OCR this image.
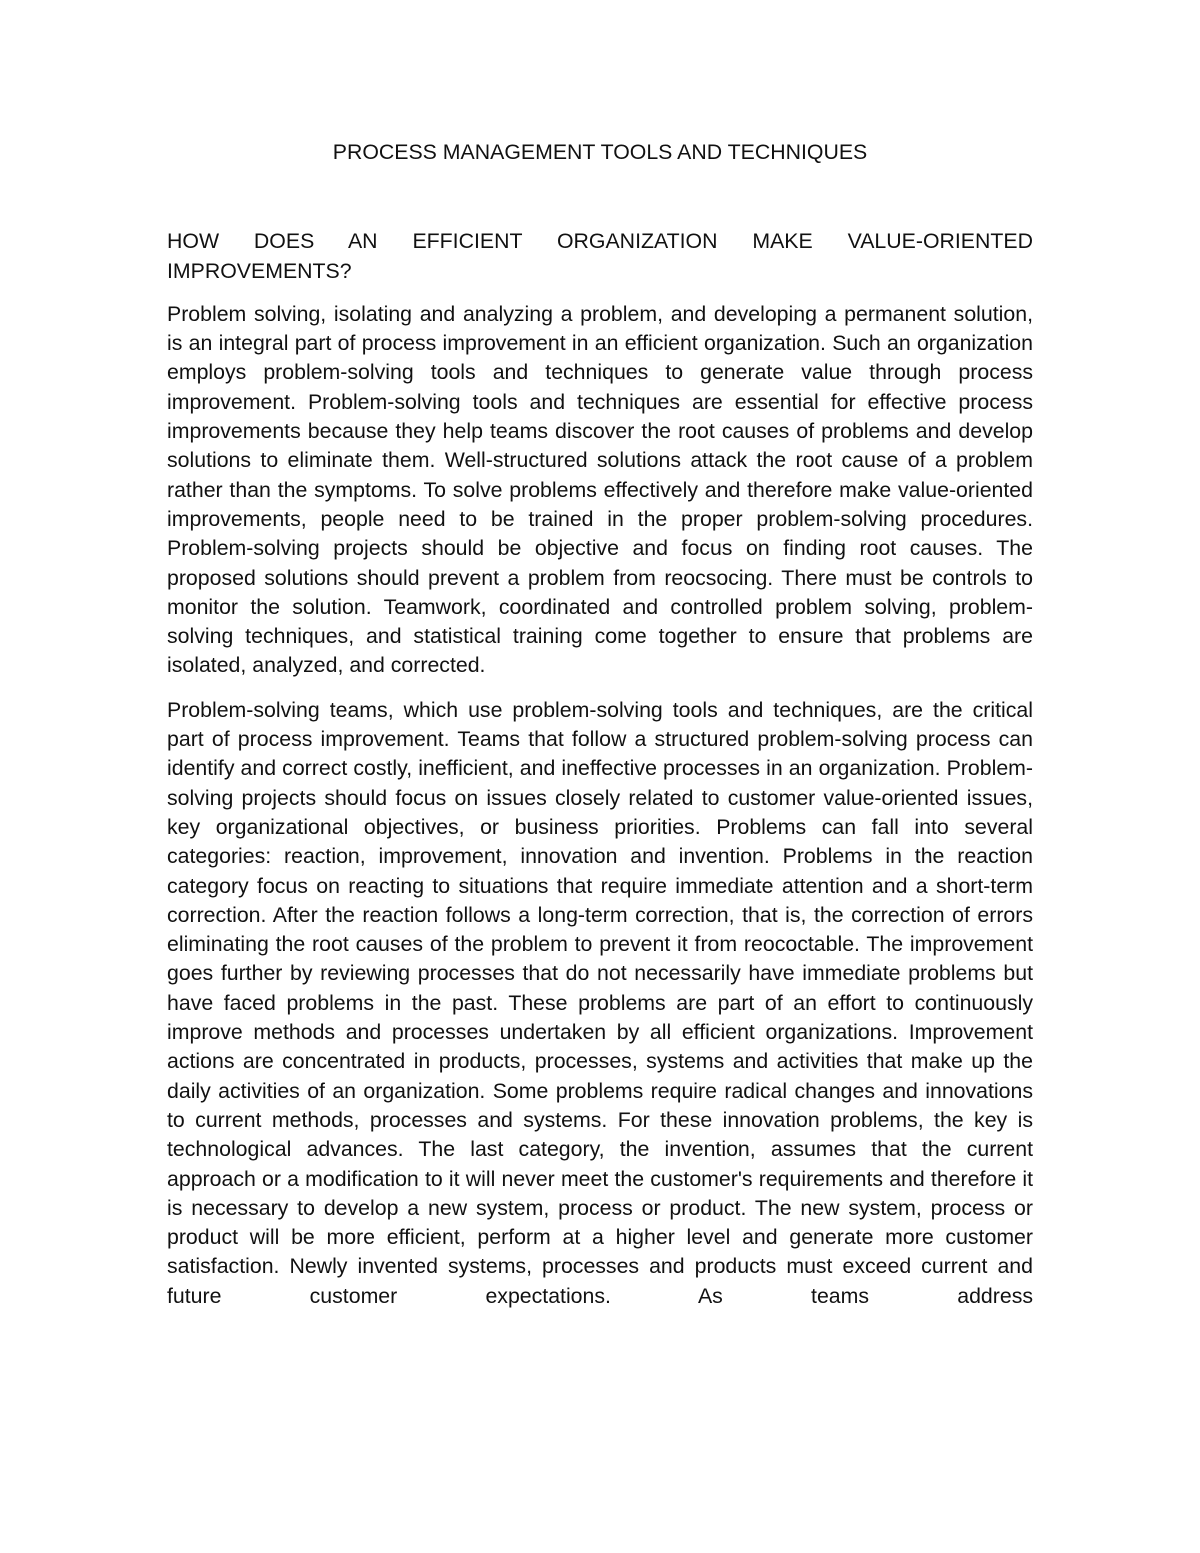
PROCESS MANAGEMENT TOOLS AND TECHNIQUES
HOW DOES AN EFFICIENT ORGANIZATION MAKE VALUE-ORIENTED IMPROVEMENTS?

Problem solving, isolating and analyzing a problem, and developing a permanent solution, is an integral part of process improvement in an efficient organization. Such an organization employs problem-solving tools and techniques to generate value through process improvement. Problem-solving tools and techniques are essential for effective process improvements because they help teams discover the root causes of problems and develop solutions to eliminate them. Well-structured solutions attack the root cause of a problem rather than the symptoms. To solve problems effectively and therefore make value-oriented improvements, people need to be trained in the proper problem-solving procedures. Problem-solving projects should be objective and focus on finding root causes. The proposed solutions should prevent a problem from reocsocing. There must be controls to monitor the solution. Teamwork, coordinated and controlled problem solving, problem-solving techniques, and statistical training come together to ensure that problems are isolated, analyzed, and corrected.

Problem-solving teams, which use problem-solving tools and techniques, are the critical part of process improvement. Teams that follow a structured problem-solving process can identify and correct costly, inefficient, and ineffective processes in an organization. Problem-solving projects should focus on issues closely related to customer value-oriented issues, key organizational objectives, or business priorities. Problems can fall into several categories: reaction, improvement, innovation and invention. Problems in the reaction category focus on reacting to situations that require immediate attention and a short-term correction. After the reaction follows a long-term correction, that is, the correction of errors eliminating the root causes of the problem to prevent it from reococtable. The improvement goes further by reviewing processes that do not necessarily have immediate problems but have faced problems in the past. These problems are part of an effort to continuously improve methods and processes undertaken by all efficient organizations. Improvement actions are concentrated in products, processes, systems and activities that make up the daily activities of an organization. Some problems require radical changes and innovations to current methods, processes and systems. For these innovation problems, the key is technological advances. The last category, the invention, assumes that the current approach or a modification to it will never meet the customer's requirements and therefore it is necessary to develop a new system, process or product. The new system, process or product will be more efficient, perform at a higher level and generate more customer satisfaction. Newly invented systems, processes and products must exceed current and future customer expectations. As teams address
